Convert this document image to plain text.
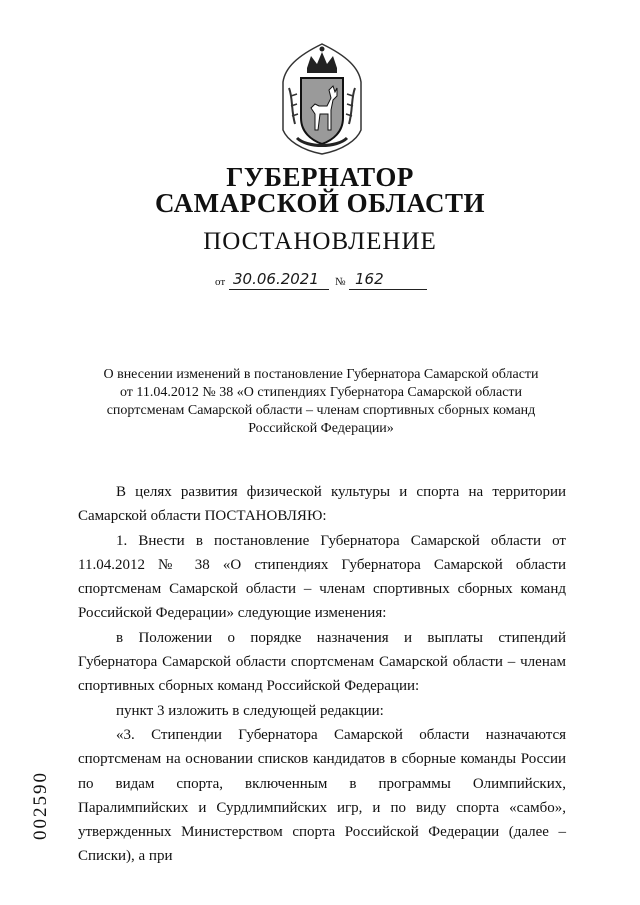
ГУБЕРНАТОР
САМАРСКОЙ ОБЛАСТИ
ПОСТАНОВЛЕНИЕ
от 30.06.2021 № 162
О внесении изменений в постановление Губернатора Самарской области
от 11.04.2012 № 38 «О стипендиях Губернатора Самарской области
спортсменам Самарской области – членам спортивных сборных команд
Российской Федерации»

В целях развития физической культуры и спорта на территории Самарской области ПОСТАНОВЛЯЮ:

1. Внести в постановление Губернатора Самарской области от 11.04.2012 № 38 «О стипендиях Губернатора Самарской области спортсменам Самарской области – членам спортивных сборных команд Российской Федерации» следующие изменения:

в Положении о порядке назначения и выплаты стипендий Губернатора Самарской области спортсменам Самарской области – членам спортивных сборных команд Российской Федерации:

пункт 3 изложить в следующей редакции:

«3. Стипендии Губернатора Самарской области назначаются спортсменам на основании списков кандидатов в сборные команды России по видам спорта, включенным в программы Олимпийских, Паралимпийских и Сурдлимпийских игр, и по виду спорта «самбо», утвержденных Министерством спорта Российской Федерации (далее – Списки), а при

002590
